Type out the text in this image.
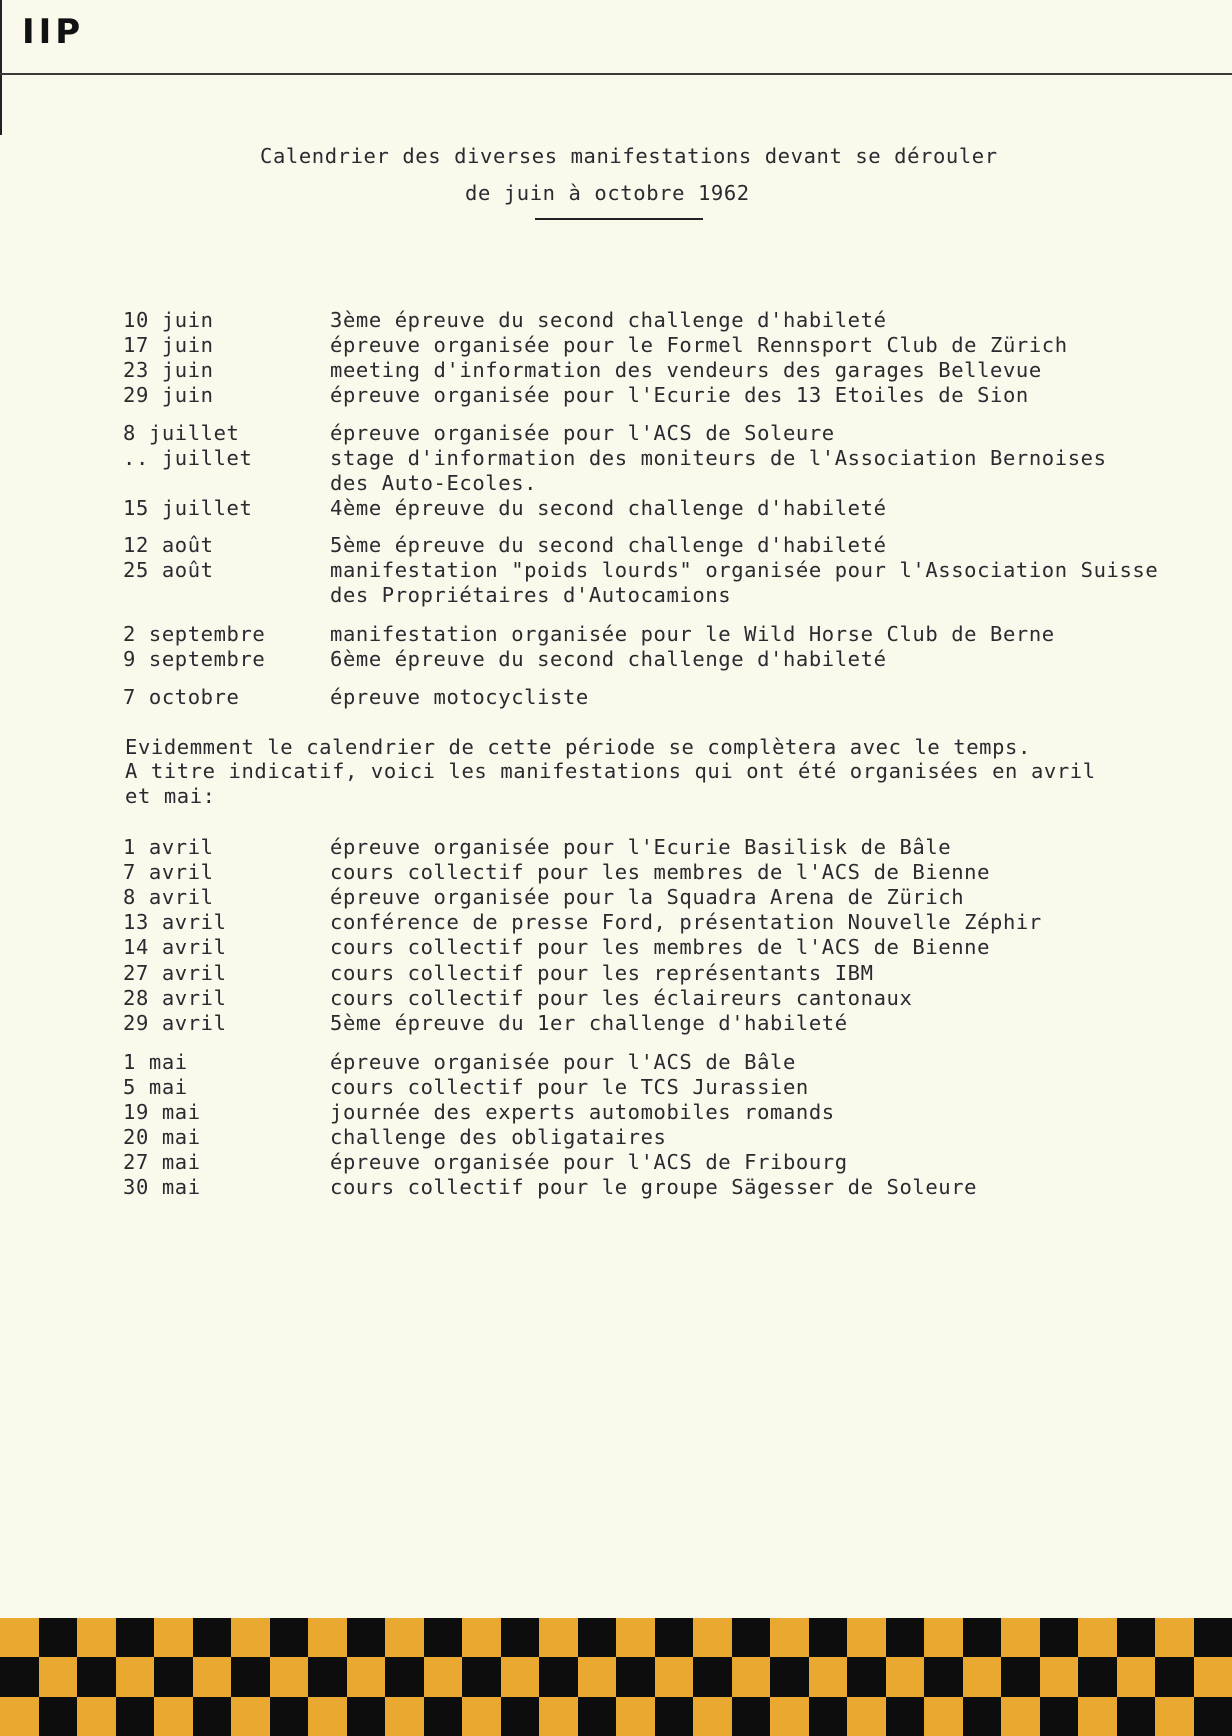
IIP
Calendrier des diverses manifestations devant se dérouler
de juin à octobre 1962
10 juin	3ème épreuve du second challenge d'habileté
17 juin	épreuve organisée pour le Formel Rennsport Club de Zürich
23 juin	meeting d'information des vendeurs des garages Bellevue
29 juin	épreuve organisée pour l'Ecurie des 13 Etoiles de Sion
8 juillet	épreuve organisée pour l'ACS de Soleure
.. juillet	stage d'information des moniteurs de l'Association Bernoises
des Auto-Ecoles.
15 juillet	4ème épreuve du second challenge d'habileté
12 août	5ème épreuve du second challenge d'habileté
25 août	manifestation "poids lourds" organisée pour l'Association Suisse
des Propriétaires d'Autocamions
2 septembre	manifestation organisée pour le Wild Horse Club de Berne
9 septembre	6ème épreuve du second challenge d'habileté
7 octobre	épreuve motocycliste
Evidemment le calendrier de cette période se complètera avec le temps.
A titre indicatif, voici les manifestations qui ont été organisées en avril
et mai:
1 avril	épreuve organisée pour l'Ecurie Basilisk de Bâle
7 avril	cours collectif pour les membres de l'ACS de Bienne
8 avril	épreuve organisée pour la Squadra Arena de Zürich
13 avril	conférence de presse Ford, présentation Nouvelle Zéphir
14 avril	cours collectif pour les membres de l'ACS de Bienne
27 avril	cours collectif pour les représentants IBM
28 avril	cours collectif pour les éclaireurs cantonaux
29 avril	5ème épreuve du 1er challenge d'habileté
1 mai	épreuve organisée pour l'ACS de Bâle
5 mai	cours collectif pour le TCS Jurassien
19 mai	journée des experts automobiles romands
20 mai	challenge des obligataires
27 mai	épreuve organisée pour l'ACS de Fribourg
30 mai	cours collectif pour le groupe Sägesser de Soleure
